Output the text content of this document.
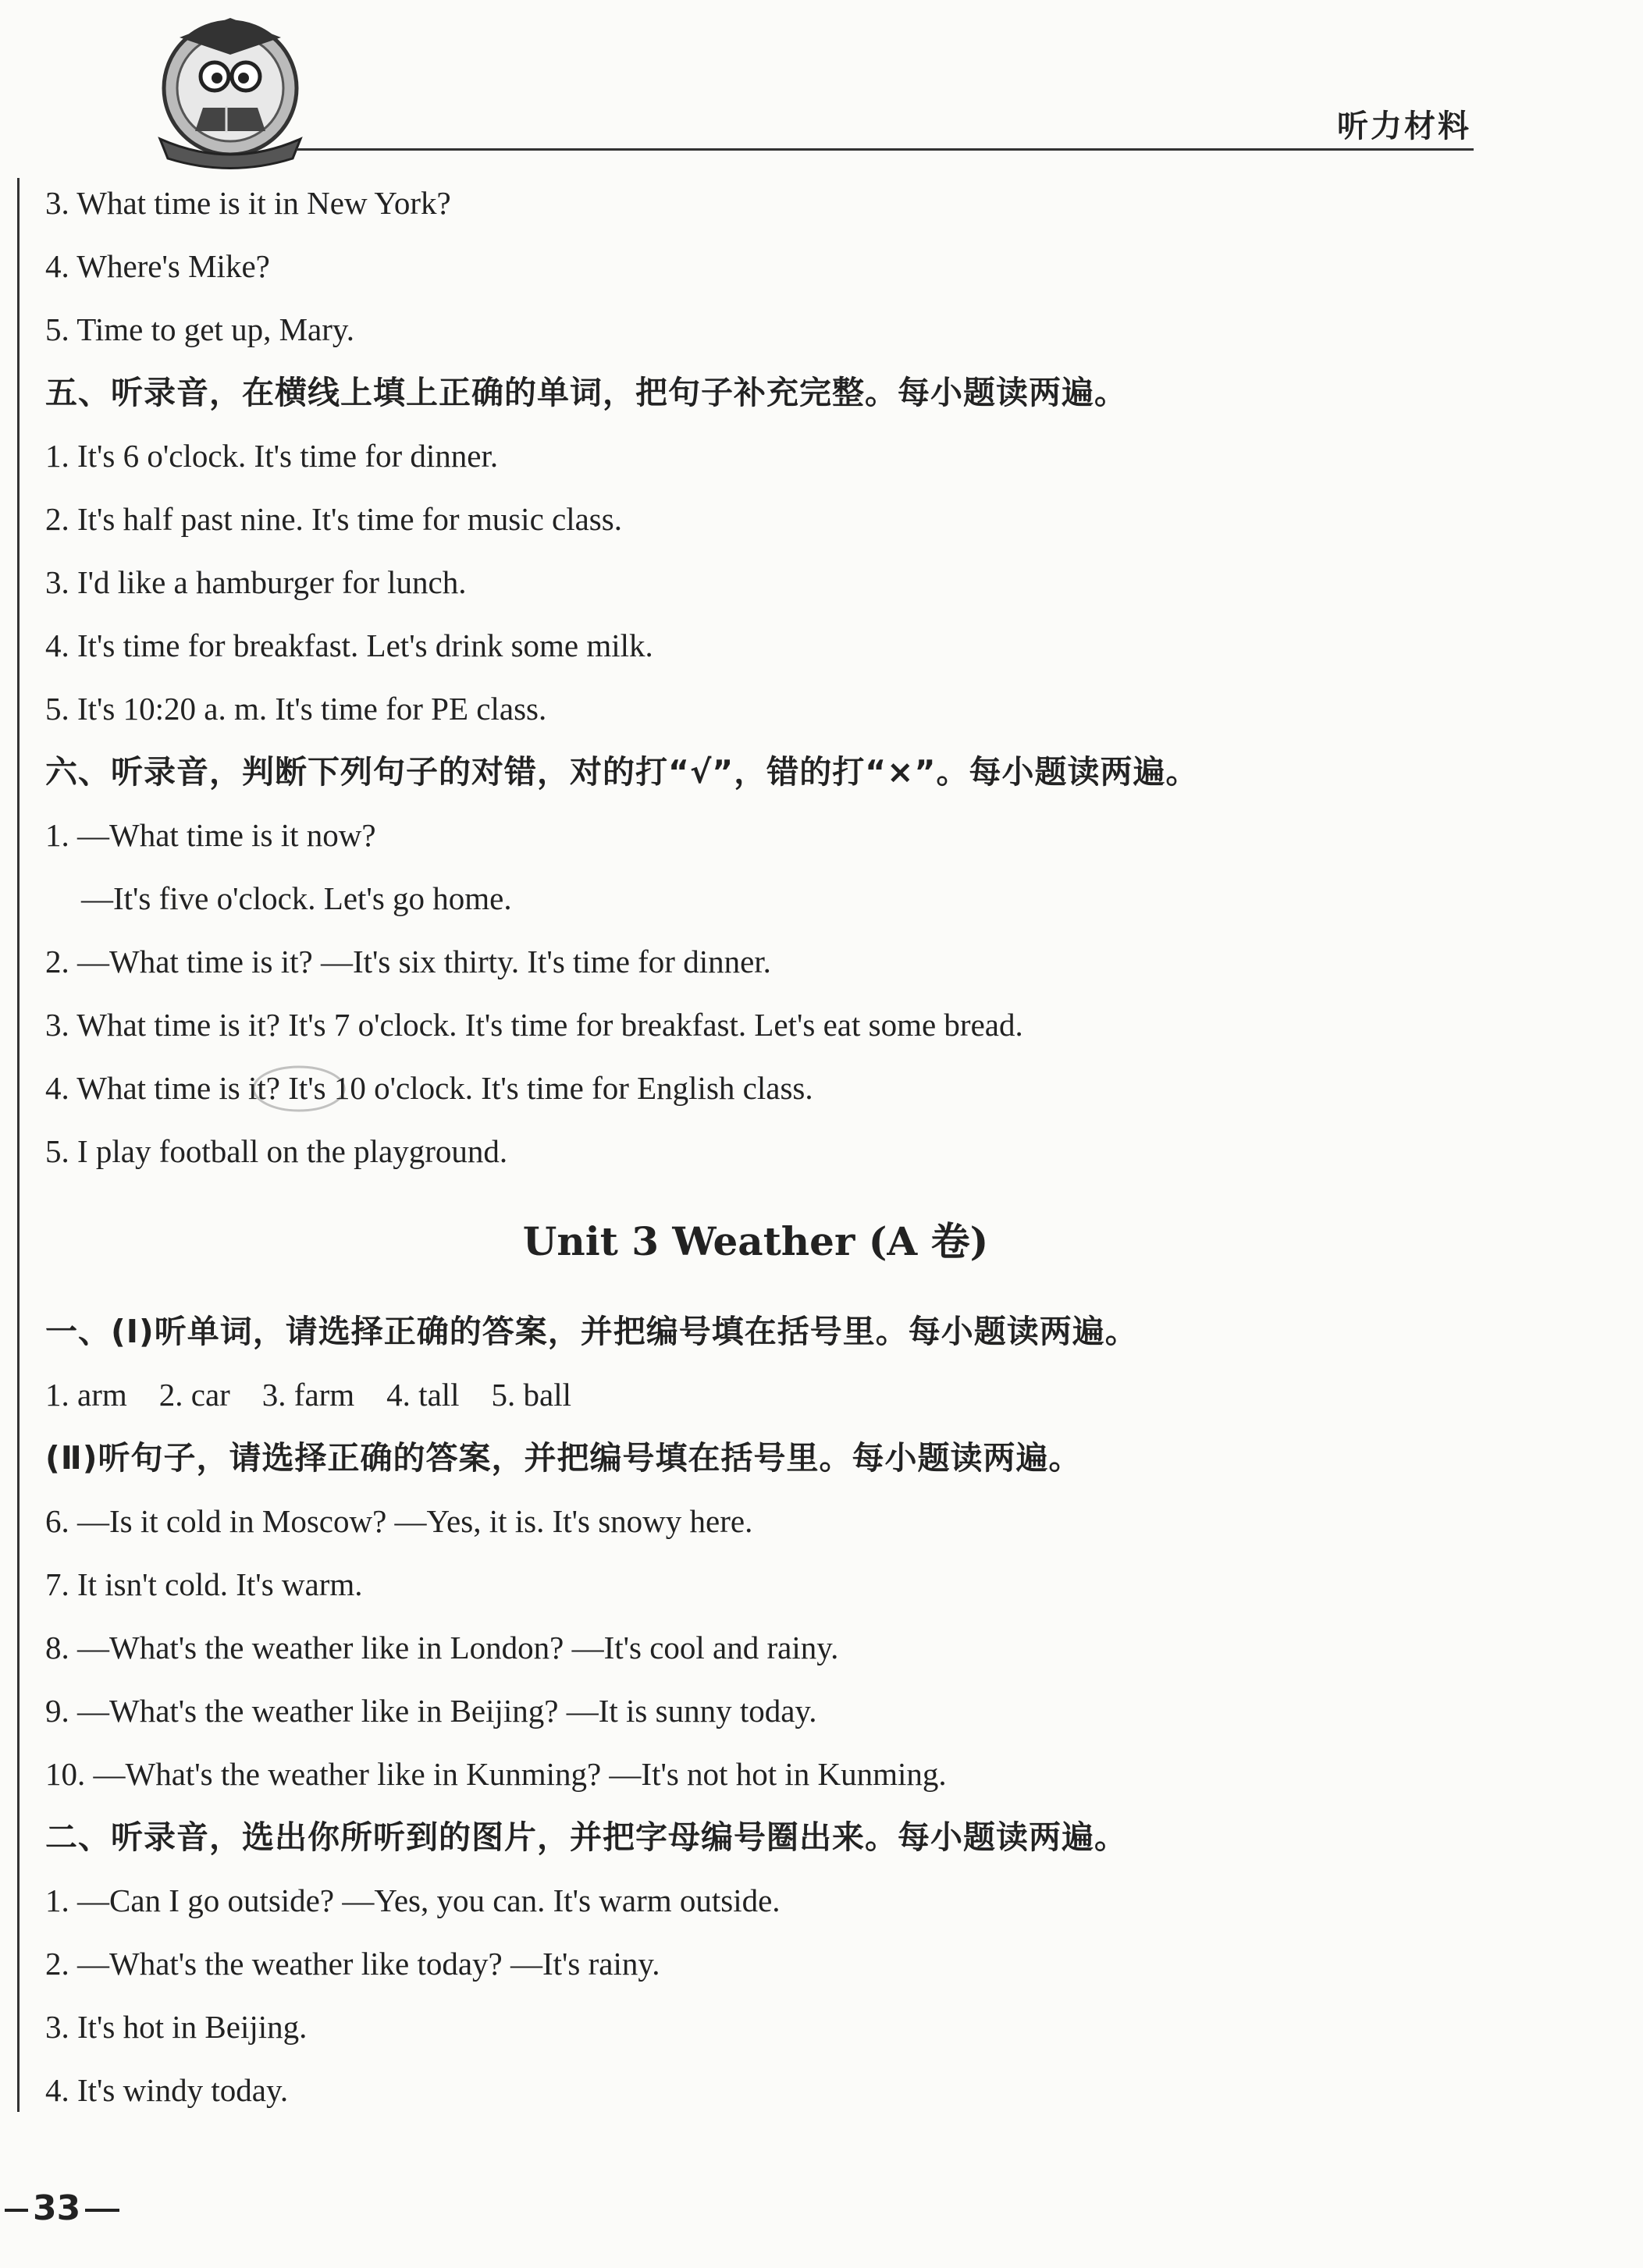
听力材料
3. What time is it in New York?
4. Where's Mike?
5. Time to get up, Mary.
五、听录音，在横线上填上正确的单词，把句子补充完整。每小题读两遍。
1. It's 6 o'clock. It's time for dinner.
2. It's half past nine. It's time for music class.
3. I'd like a hamburger for lunch.
4. It's time for breakfast. Let's drink some milk.
5. It's 10:20 a. m. It's time for PE class.
六、听录音，判断下列句子的对错，对的打“√”，错的打“×”。每小题读两遍。
1. —What time is it now?
—It's five o'clock. Let's go home.
2. —What time is it? —It's six thirty. It's time for dinner.
3. What time is it? It's 7 o'clock. It's time for breakfast. Let's eat some bread.
4. What time is it? It's 10 o'clock. It's time for English class.
5. I play football on the playground.
Unit 3 Weather (A 卷)
一、(Ⅰ)听单词，请选择正确的答案，并把编号填在括号里。每小题读两遍。
1. arm    2. car    3. farm    4. tall    5. ball
(Ⅱ)听句子，请选择正确的答案，并把编号填在括号里。每小题读两遍。
6. —Is it cold in Moscow? —Yes, it is. It's snowy here.
7. It isn't cold. It's warm.
8. —What's the weather like in London? —It's cool and rainy.
9. —What's the weather like in Beijing? —It is sunny today.
10. —What's the weather like in Kunming? —It's not hot in Kunming.
二、听录音，选出你所听到的图片，并把字母编号圈出来。每小题读两遍。
1. —Can I go outside? —Yes, you can. It's warm outside.
2. —What's the weather like today? —It's rainy.
3. It's hot in Beijing.
4. It's windy today.
33
